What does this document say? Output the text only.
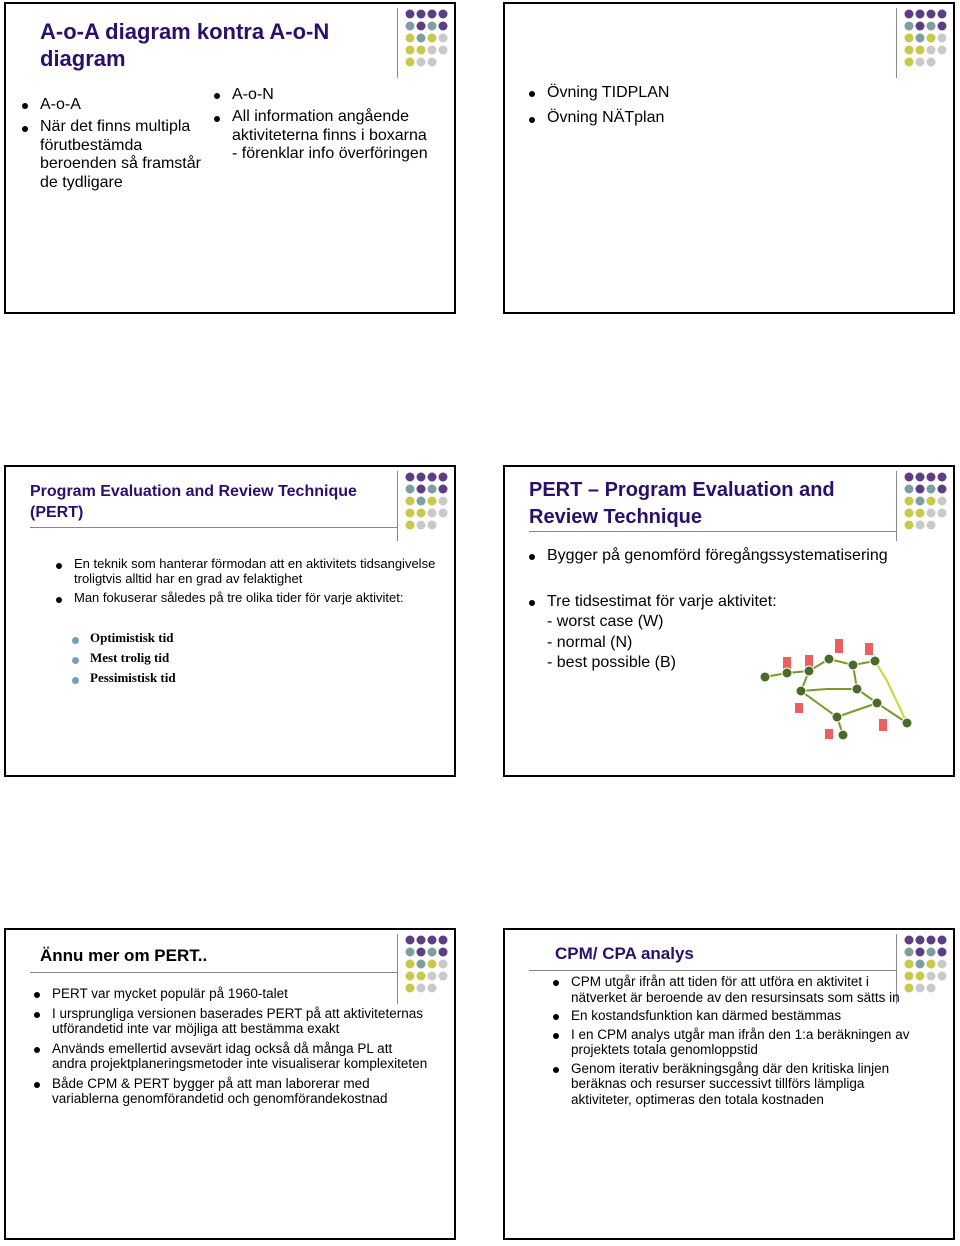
A-o-A diagram kontra A-o-N diagram
A-o-A
När det finns multipla förutbestämda beroenden så framstår de tydligare
A-o-N
All information angående aktiviteterna finns i boxarna - förenklar info överföringen
Övning TIDPLAN
Övning NÄTplan
Program Evaluation and Review Technique (PERT)
En teknik som hanterar förmodan att en aktivitets tidsangivelse troligtvis alltid har en grad av felaktighet
Man fokuserar således på tre olika tider för varje aktivitet:
Optimistisk tid
Mest trolig tid
Pessimistisk tid
PERT – Program Evaluation and Review Technique
Bygger på genomförd föregångssystematisering
Tre tidsestimat för varje aktivitet:
- worst case (W)
- normal (N)
- best possible (B)
Ännu mer om PERT..
PERT var mycket populär på 1960-talet
I ursprungliga versionen baserades PERT på att aktiviteternas utförandetid inte var möjliga att bestämma exakt
Används emellertid avsevärt idag också då många PL att andra projektplaneringsmetoder inte visualiserar komplexiteten
Både CPM & PERT bygger på att man laborerar med variablerna genomförandetid och genomförandekostnad
CPM/ CPA analys
CPM utgår ifrån att tiden för att utföra en aktivitet i nätverket är beroende av den resursinsats som sätts in
En kostandsfunktion kan därmed bestämmas
I en CPM analys utgår man ifrån den 1:a beräkningen av projektets totala genomloppstid
Genom iterativ beräkningsgång där den kritiska linjen beräknas och resurser successivt tillförs lämpliga aktiviteter, optimeras den totala kostnaden
